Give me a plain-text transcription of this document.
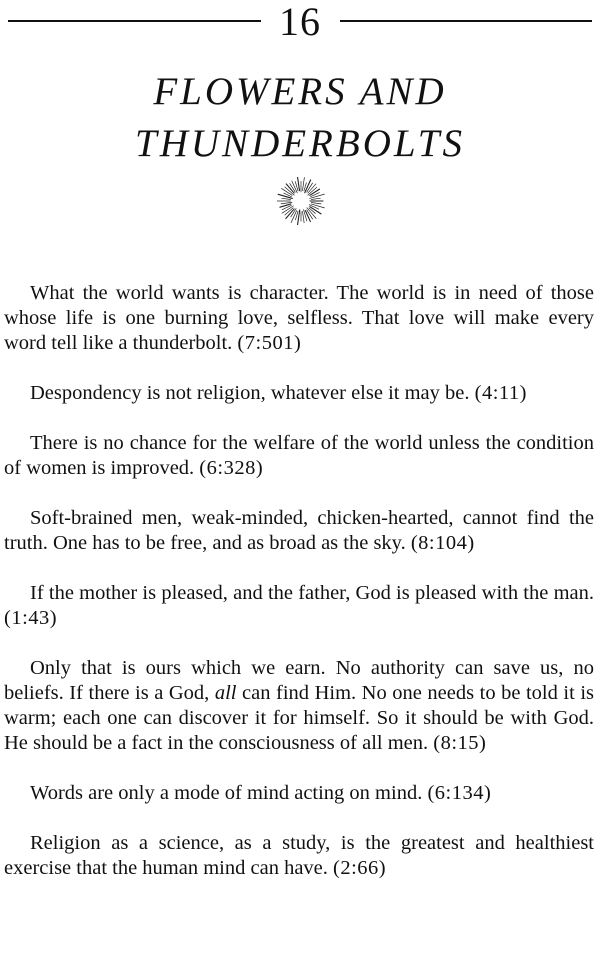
16
FLOWERS AND
THUNDERBOLTS

What the world wants is character. The world is in need of those whose life is one burning love, selfless. That love will make every word tell like a thunderbolt. (7:501)

Despondency is not religion, whatever else it may be. (4:11)

There is no chance for the welfare of the world unless the condition of women is improved. (6:328)

Soft-brained men, weak-minded, chicken-hearted, cannot find the truth. One has to be free, and as broad as the sky. (8:104)

If the mother is pleased, and the father, God is pleased with the man. (1:43)

Only that is ours which we earn. No authority can save us, no beliefs. If there is a God, all can find Him. No one needs to be told it is warm; each one can discover it for himself. So it should be with God. He should be a fact in the consciousness of all men. (8:15)

Words are only a mode of mind acting on mind. (6:134)

Religion as a science, as a study, is the greatest and healthiest exercise that the human mind can have. (2:66)
